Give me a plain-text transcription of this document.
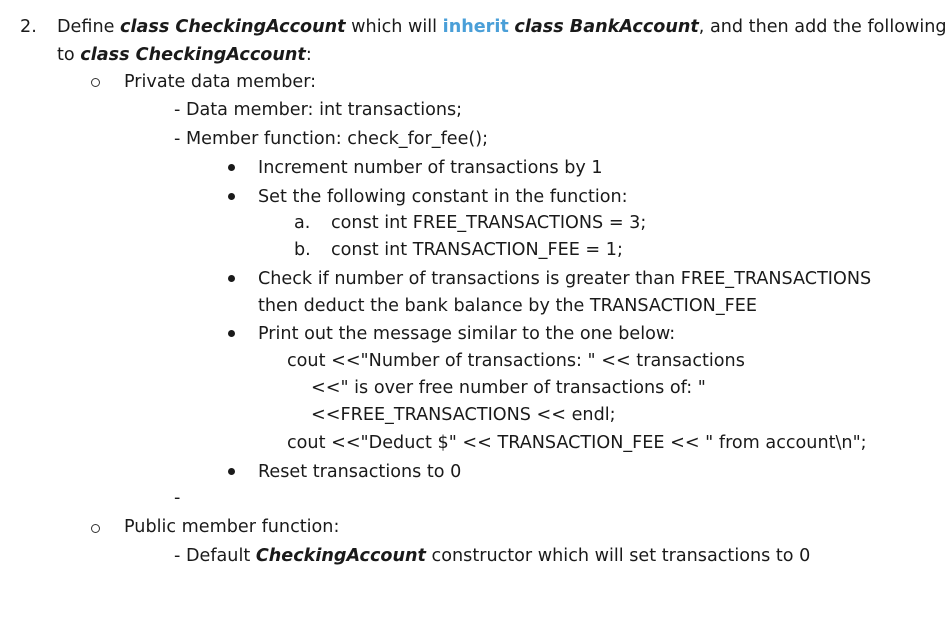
2. Define class CheckingAccount which will inherit class BankAccount, and then add the following
to class CheckingAccount:
Private data member:
- Data member: int transactions;
- Member function: check_for_fee();
Increment number of transactions by 1
Set the following constant in the function:
a. const int FREE_TRANSACTIONS = 3;
b. const int TRANSACTION_FEE = 1;
Check if number of transactions is greater than FREE_TRANSACTIONS
then deduct the bank balance by the TRANSACTION_FEE
Print out the message similar to the one below:
cout <<"Number of transactions: " << transactions
<<" is over free number of transactions of: "
<<FREE_TRANSACTIONS << endl;
cout <<"Deduct $" << TRANSACTION_FEE << " from account\n";
Reset transactions to 0
-
Public member function:
- Default CheckingAccount constructor which will set transactions to 0
